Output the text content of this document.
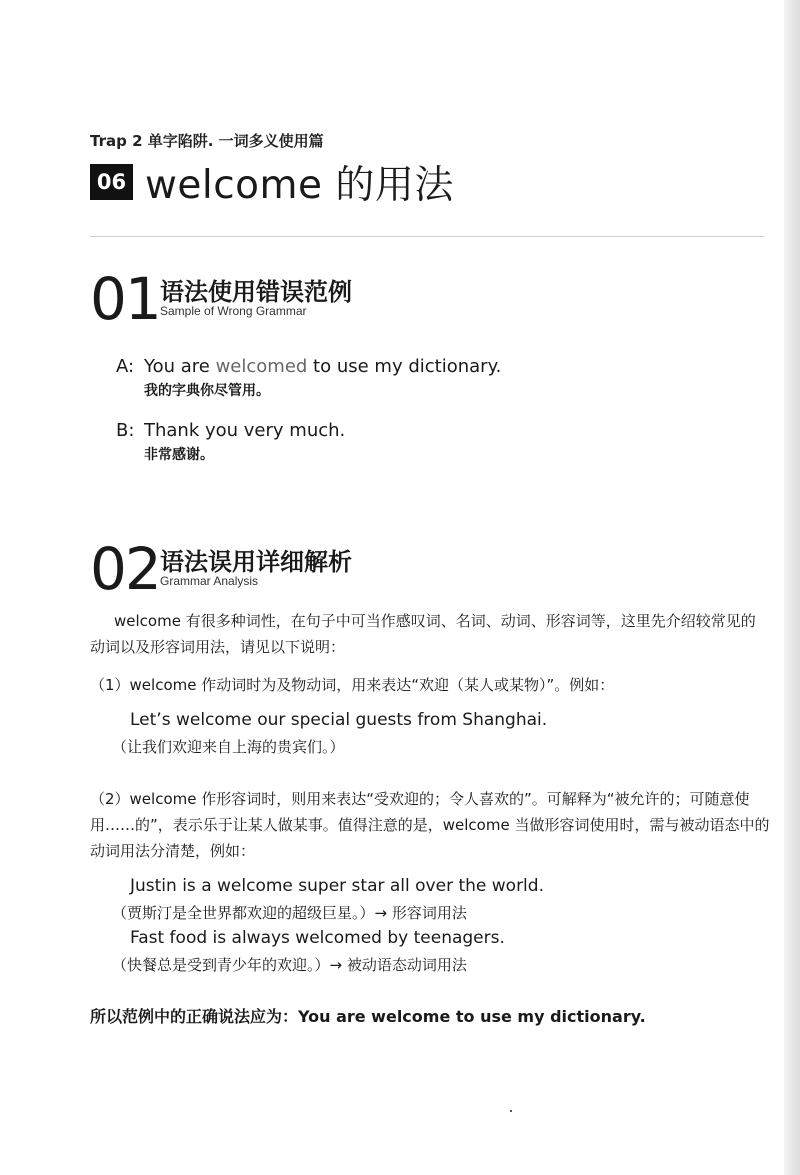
Trap 2 单字陷阱. 一词多义使用篇
06 welcome 的用法
01 语法使用错误范例
Sample of Wrong Grammar
A: You are welcomed to use my dictionary.
我的字典你尽管用。
B: Thank you very much.
非常感谢。
02 语法误用详细解析
Grammar Analysis
welcome 有很多种词性，在句子中可当作感叹词、名词、动词、形容词等，这里先介绍较常见的动词以及形容词用法，请见以下说明：
（1）welcome 作动词时为及物动词，用来表达“欢迎（某人或某物）”。例如：
Let’s welcome our special guests from Shanghai.
（让我们欢迎来自上海的贵宾们。）
（2）welcome 作形容词时，则用来表达“受欢迎的；令人喜欢的”。可解释为“被允许的；可随意使用……的”，表示乐于让某人做某事。值得注意的是，welcome 当做形容词使用时，需与被动语态中的动词用法分清楚，例如：
Justin is a welcome super star all over the world.
（贾斯汀是全世界都欢迎的超级巨星。）→ 形容词用法
Fast food is always welcomed by teenagers.
（快餐总是受到青少年的欢迎。）→ 被动语态动词用法
所以范例中的正确说法应为：You are welcome to use my dictionary.
